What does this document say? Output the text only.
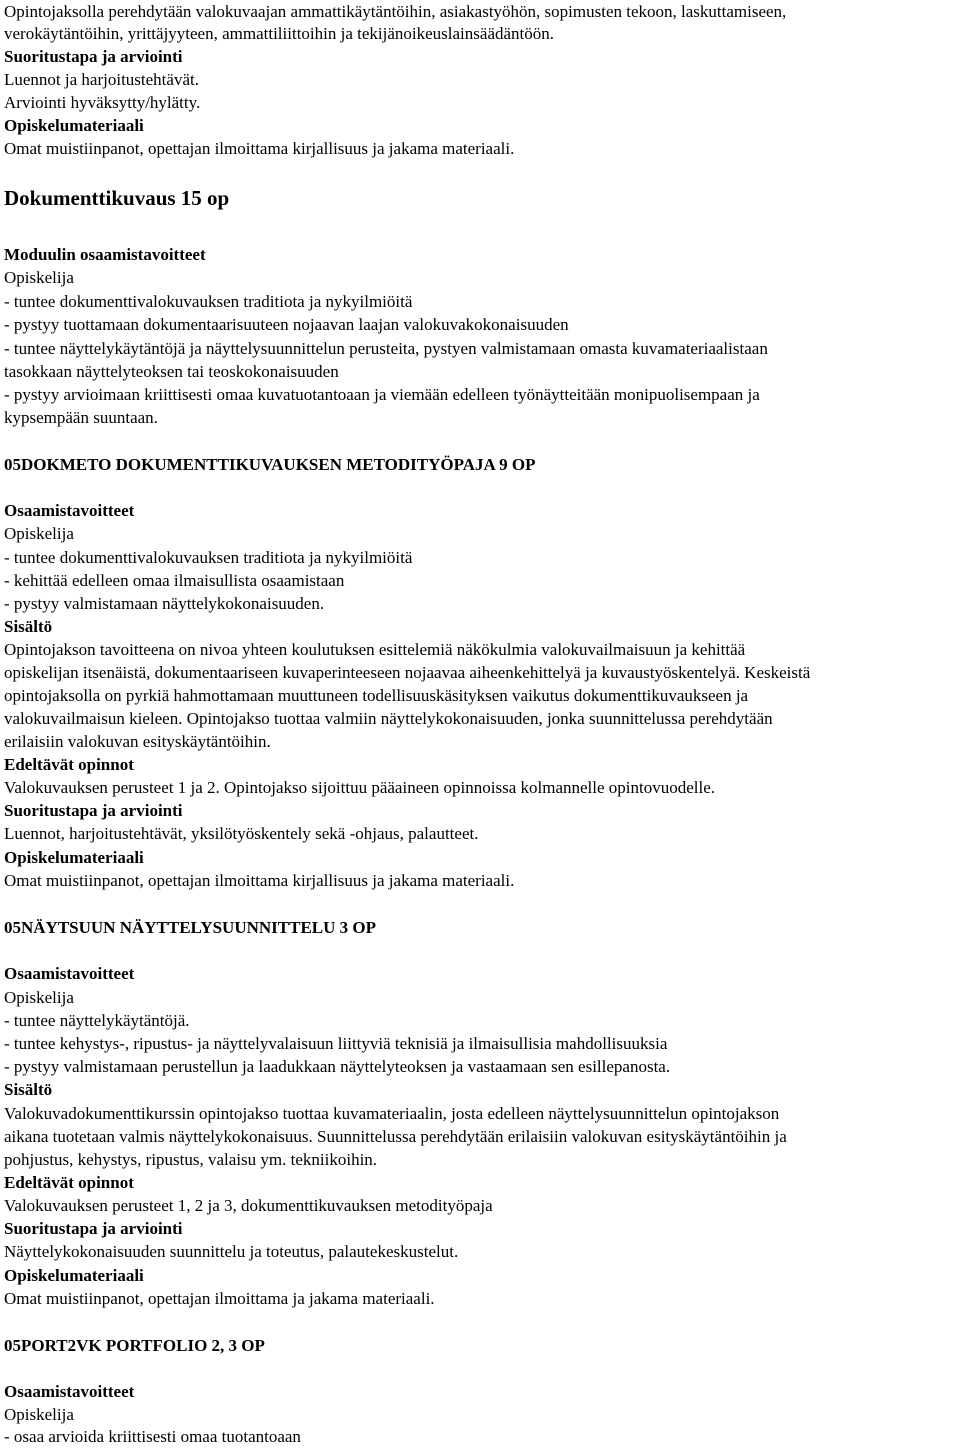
Opintojaksolla perehdytään valokuvaajan ammattikäytäntöihin, asiakastyöhön, sopimusten tekoon, laskuttamiseen,
verokäytäntöihin, yrittäjyyteen, ammattiliittoihin ja tekijänoikeuslainsäädäntöön.
Suoritustapa ja arviointi
Luennot ja harjoitustehtävät.
Arviointi hyväksytty/hylätty.
Opiskelumateriaali
Omat muistiinpanot, opettajan ilmoittama kirjallisuus ja jakama materiaali.
Dokumenttikuvaus 15 op
Moduulin osaamistavoitteet
Opiskelija
- tuntee dokumenttivalokuvauksen traditiota ja nykyilmiöitä
- pystyy tuottamaan dokumentaarisuuteen nojaavan laajan valokuvakokonaisuuden
- tuntee näyttelykäytäntöjä ja näyttelysuunnittelun perusteita, pystyen valmistamaan omasta kuvamateriaalistaan
tasokkaan näyttelyteoksen tai teoskokonaisuuden
- pystyy arvioimaan kriittisesti omaa kuvatuotantoaan ja viemään edelleen työnäytteitään monipuolisempaan ja
kypsempään suuntaan.
05DOKMETO DOKUMENTTIKUVAUKSEN METODITYÖPAJA 9 OP
Osaamistavoitteet
Opiskelija
- tuntee dokumenttivalokuvauksen traditiota ja nykyilmiöitä
- kehittää edelleen omaa ilmaisullista osaamistaan
- pystyy valmistamaan näyttelykokonaisuuden.
Sisältö
Opintojakson tavoitteena on nivoa yhteen koulutuksen esittelemiä näkökulmia valokuvailmaisuun ja kehittää
opiskelijan itsenäistä, dokumentaariseen kuvaperinteeseen nojaavaa aiheenkehittelyä ja kuvaustyöskentelyä. Keskeistä
opintojaksolla on pyrkiä hahmottamaan muuttuneen todellisuuskäsityksen vaikutus dokumenttikuvaukseen ja
valokuvailmaisun kieleen. Opintojakso tuottaa valmiin näyttelykokonaisuuden, jonka suunnittelussa perehdytään
erilaisiin valokuvan esityskäytäntöihin.
Edeltävät opinnot
Valokuvauksen perusteet 1 ja 2. Opintojakso sijoittuu pääaineen opinnoissa kolmannelle opintovuodelle.
Suoritustapa ja arviointi
Luennot, harjoitustehtävät, yksilötyöskentely sekä -ohjaus, palautteet.
Opiskelumateriaali
Omat muistiinpanot, opettajan ilmoittama kirjallisuus ja jakama materiaali.
05NÄYTSUUN NÄYTTELYSUUNNITTELU 3 OP
Osaamistavoitteet
Opiskelija
- tuntee näyttelykäytäntöjä.
- tuntee kehystys-, ripustus- ja näyttelyvalaisuun liittyviä teknisiä ja ilmaisullisia mahdollisuuksia
- pystyy valmistamaan perustellun ja laadukkaan näyttelyteoksen ja vastaamaan sen esillepanosta.
Sisältö
Valokuvadokumenttikurssin opintojakso tuottaa kuvamateriaalin, josta edelleen näyttelysuunnittelun opintojakson
aikana tuotetaan valmis näyttelykokonaisuus. Suunnittelussa perehdytään erilaisiin valokuvan esityskäytäntöihin ja
pohjustus, kehystys, ripustus, valaisu ym. tekniikoihin.
Edeltävät opinnot
Valokuvauksen perusteet 1, 2 ja 3, dokumenttikuvauksen metodityöpaja
Suoritustapa ja arviointi
Näyttelykokonaisuuden suunnittelu ja toteutus, palautekeskustelut.
Opiskelumateriaali
Omat muistiinpanot, opettajan ilmoittama ja jakama materiaali.
05PORT2VK PORTFOLIO 2, 3 OP
Osaamistavoitteet
Opiskelija
- osaa arvioida kriittisesti omaa tuotantoaan
